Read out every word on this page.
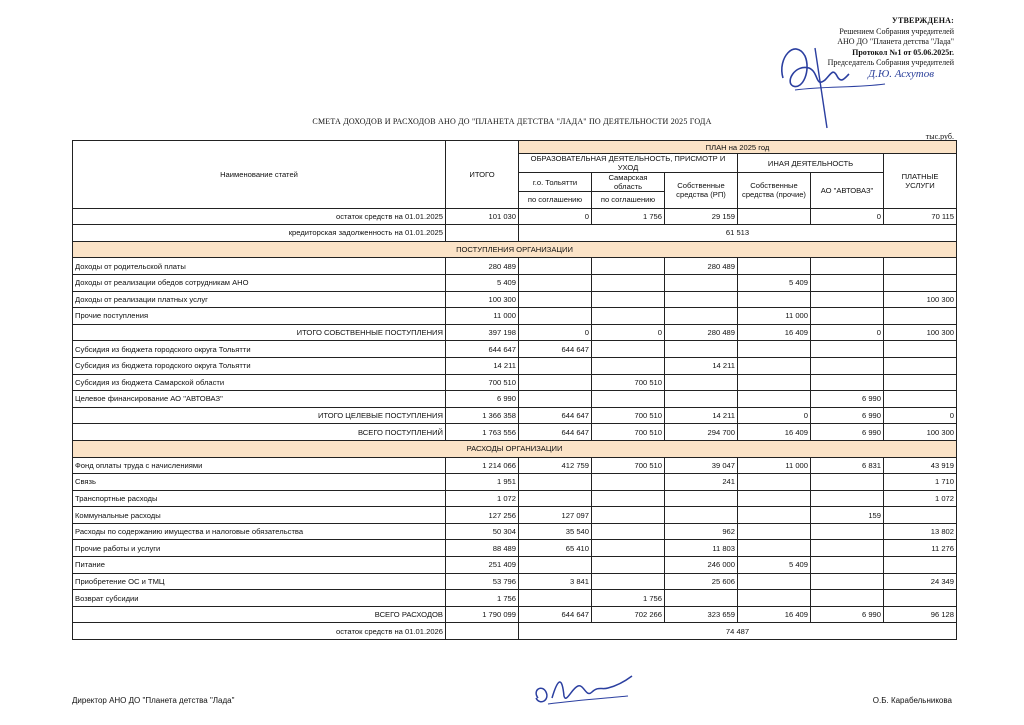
УТВЕРЖДЕНА:
Решением Собрания учредителей
АНО ДО "Планета детства "Лада"
Протокол №1 от 05.06.2025г.
Председатель Собрания учредителей
Д.Ю. Асхутов
СМЕТА ДОХОДОВ И РАСХОДОВ АНО ДО "ПЛАНЕТА ДЕТСТВА "ЛАДА" ПО ДЕЯТЕЛЬНОСТИ 2025 ГОДА
тыс.руб.
Наименование статей	ИТОГО	ПЛАН на 2025 год					
		ОБРАЗОВАТЕЛЬНАЯ ДЕЯТЕЛЬНОСТЬ, ПРИСМОТР И УХОД			ИНАЯ ДЕЯТЕЛЬНОСТЬ		ПЛАТНЫЕ УСЛУГИ
		г.о. Тольятти	Самарская область	Собственные средства (РП)	Собственные средства (прочие)	АО "АВТОВАЗ"	
		по соглашению	по соглашению				
остаток средств на 01.01.2025	101 030	0	1 756	29 159		0	70 115
кредиторская задолженность на 01.01.2025		61 513					
ПОСТУПЛЕНИЯ ОРГАНИЗАЦИИ							
Доходы от родительской платы	280 489			280 489			
Доходы от реализации обедов сотрудникам АНО	5 409				5 409		
Доходы от реализации платных услуг	100 300						100 300
Прочие поступления	11 000				11 000		
ИТОГО СОБСТВЕННЫЕ ПОСТУПЛЕНИЯ	397 198	0	0	280 489	16 409	0	100 300
Субсидия из бюджета городского округа Тольятти	644 647	644 647					
Субсидия из бюджета городского округа Тольятти	14 211			14 211			
Субсидия из бюджета Самарской области	700 510		700 510				
Целевое финансирование АО "АВТОВАЗ"	6 990					6 990	
ИТОГО ЦЕЛЕВЫЕ ПОСТУПЛЕНИЯ	1 366 358	644 647	700 510	14 211	0	6 990	0
ВСЕГО ПОСТУПЛЕНИЙ	1 763 556	644 647	700 510	294 700	16 409	6 990	100 300
РАСХОДЫ ОРГАНИЗАЦИИ							
Фонд оплаты труда с начислениями	1 214 066	412 759	700 510	39 047	11 000	6 831	43 919
Связь	1 951			241			1 710
Транспортные расходы	1 072						1 072
Коммунальные расходы	127 256	127 097				159	
Расходы по содержанию имущества и налоговые обязательства	50 304	35 540		962			13 802
Прочие работы и услуги	88 489	65 410		11 803			11 276
Питание	251 409			246 000	5 409		
Приобретение ОС и ТМЦ	53 796	3 841		25 606			24 349
Возврат субсидии	1 756		1 756				
ВСЕГО РАСХОДОВ	1 790 099	644 647	702 266	323 659	16 409	6 990	96 128
остаток средств на 01.01.2026		74 487					
Директор АНО ДО "Планета детства "Лада"	О.Б. Карабельникова
